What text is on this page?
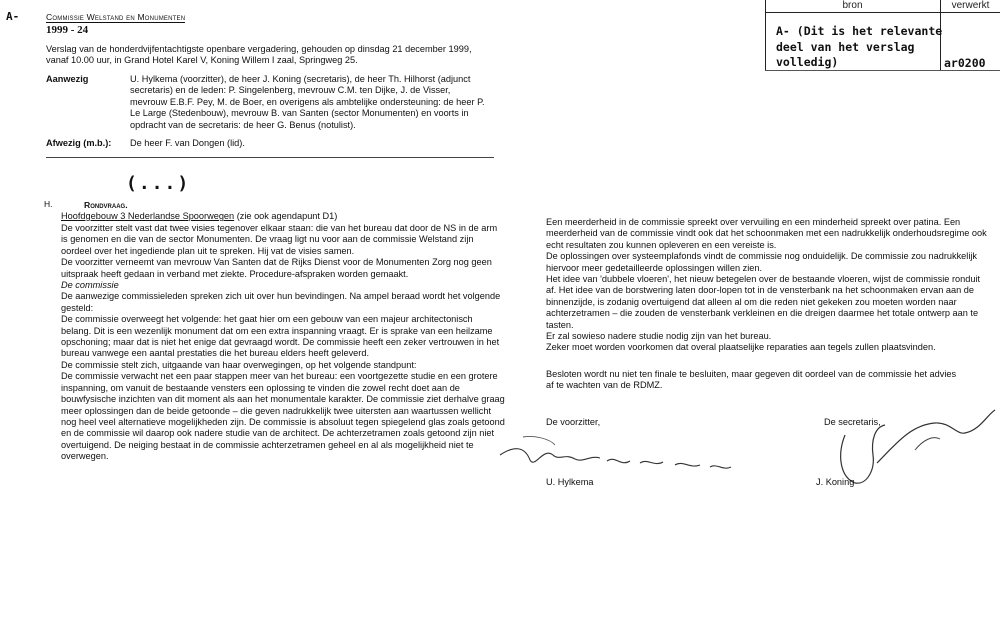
bron	verwerkt
A- (Dit is het relevante deel van het verslag volledig)	ar0200
A-	Commissie Welstand en Monumenten
1999 - 24

Verslag van de honderdvijfentachtigste openbare vergadering, gehouden op dinsdag 21 december 1999, vanaf 10.00 uur, in Grand Hotel Karel V, Koning Willem I zaal, Springweg 25.

Aanwezig	U. Hylkema (voorzitter), de heer J. Koning (secretaris), de heer Th. Hilhorst (adjunct secretaris) en de leden: P. Singelenberg, mevrouw C.M. ten Dijke, J. de Visser, mevrouw E.B.F. Pey, M. de Boer, en overigens als ambtelijke ondersteuning: de heer P. Le Large (Stedenbouw), mevrouw B. van Santen (sector Monumenten) en voorts in opdracht van de secretaris: de heer G. Benus (notulist).

Afwezig (m.b.): De heer F. van Dongen (lid).

(...)
H.	Rondvraag.
Hoofdgebouw 3 Nederlandse Spoorwegen (zie ook agendapunt D1)

De voorzitter stelt vast dat twee visies tegenover elkaar staan: die van het bureau dat door de NS in de arm is genomen en die van de sector Monumenten. De vraag ligt nu voor aan de commissie Welstand zijn oordeel over het ingediende plan uit te spreken. Hij vat de visies samen.
De voorzitter verneemt van mevrouw Van Santen dat de Rijks Dienst voor de Monumenten Zorg nog geen uitspraak heeft gedaan in verband met ziekte. Procedure-afspraken worden gemaakt.

De commissie

De aanwezige commissieleden spreken zich uit over hun bevindingen. Na ampel beraad wordt het volgende gesteld:
De commissie overweegt het volgende: het gaat hier om een gebouw van een majeur architectonisch belang. Dit is een wezenlijk monument dat om een extra inspanning vraagt. Er is sprake van een heilzame opschoning; maar dat is niet het enige dat gevraagd wordt. De commissie heeft een zeker vertrouwen in het bureau vanwege een aantal prestaties die het bureau elders heeft geleverd.
De commissie stelt zich, uitgaande van haar overwegingen, op het volgende standpunt:
De commissie verwacht net een paar stappen meer van het bureau: een voortgezette studie en een grotere inspanning, om vanuit de bestaande vensters een oplossing te vinden die zowel recht doet aan de bouwfysische inzichten van dit moment als aan het monumentale karakter. De commissie ziet derhalve graag meer oplossingen dan de beide getoonde – die geven nadrukkelijk twee uitersten aan waartussen wellicht nog heel veel alternatieve mogelijkheden zijn. De commissie is absoluut tegen spiegelend glas zoals getoond en de commissie wil daarop ook nadere studie van de architect. De achterzetramen zoals getoond zijn niet overtuigend. De neiging bestaat in de commissie achterzetramen geheel en al als mogelijkheid niet te overwegen.

Een meerderheid in de commissie spreekt over vervuiling en een minderheid spreekt over patina. Een meerderheid van de commissie vindt ook dat het schoonmaken met een nadrukkelijk onderhoudsregime ook echt resultaten zou kunnen opleveren en een vereiste is.
De oplossingen over systeemplafonds vindt de commissie nog onduidelijk. De commissie zou nadrukkelijk hiervoor meer gedetailleerde oplossingen willen zien.
Het idee van 'dubbele vloeren', het nieuw betegelen over de bestaande vloeren, wijst de commissie ronduit af. Het idee van de borstwering laten door-lopen tot in de vensterbank na het schoonmaken ervan aan de binnenzijde, is zodanig overtuigend dat alleen al om die reden niet gekeken zou moeten worden naar achterzetramen – die zouden de vensterbank verkleinen en die dreigen daarmee het totale ontwerp aan te tasten.
Er zal sowieso nadere studie nodig zijn van het bureau.
Zeker moet worden voorkomen dat overal plaatselijke reparaties aan tegels zullen plaatsvinden.

Besloten wordt nu niet ten finale te besluiten, maar gegeven dit oordeel van de commissie het advies af te wachten van de RDMZ.

De voorzitter,	De secretaris,
U. Hylkema	J. Koning
